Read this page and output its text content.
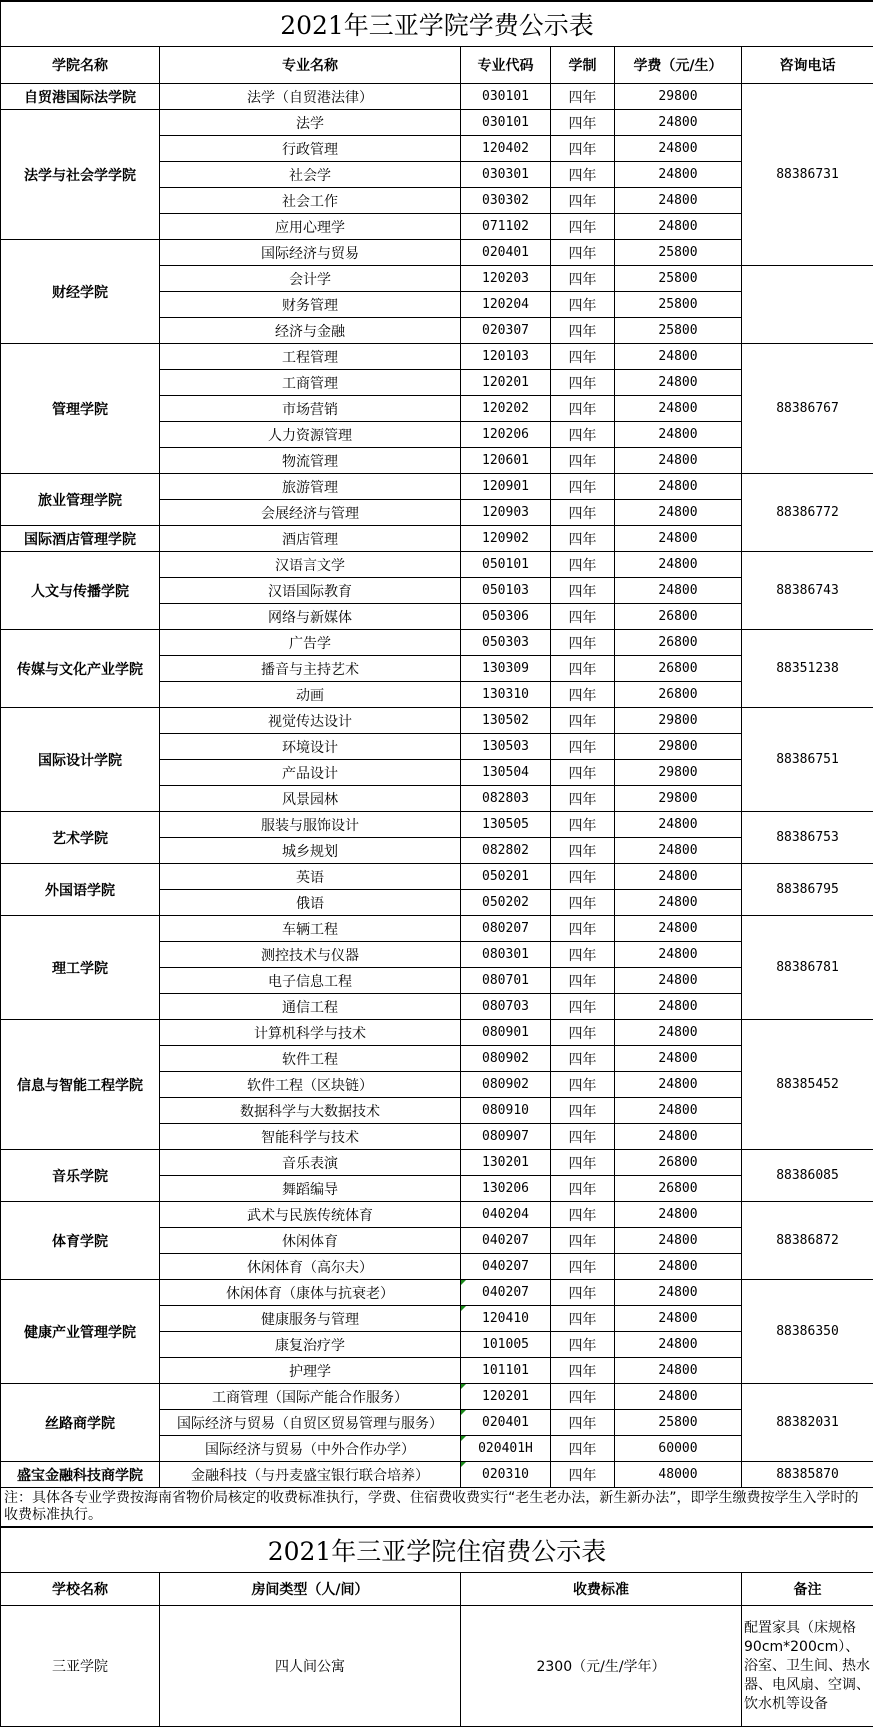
2021年三亚学院学费公示表						
学院名称	专业名称	专业代码	学制	学费（元/生）	咨询电话	
自贸港国际法学院	法学（自贸港法律）	030101	四年	29800	88386731	
法学与社会学学院	法学	030101	四年	24800		
	行政管理	120402	四年	24800		
	社会学	030301	四年	24800		
	社会工作	030302	四年	24800		
	应用心理学	071102	四年	24800		
财经学院	国际经济与贸易	020401	四年	25800	
	会计学	120203	四年	25800		
	财务管理	120204	四年	25800		
	经济与金融	020307	四年	25800		
管理学院	工程管理	120103	四年	24800	88386767	
	工商管理	120201	四年	24800		
	市场营销	120202	四年	24800		
	人力资源管理	120206	四年	24800		
	物流管理	120601	四年	24800		
旅业管理学院	旅游管理	120901	四年	24800	88386772	
	会展经济与管理	120903	四年	24800		
国际酒店管理学院	酒店管理	120902	四年	24800		
人文与传播学院	汉语言文学	050101	四年	24800	88386743	
	汉语国际教育	050103	四年	24800		
	网络与新媒体	050306	四年	26800		
传媒与文化产业学院	广告学	050303	四年	26800	88351238	
	播音与主持艺术	130309	四年	26800		
	动画	130310	四年	26800		
国际设计学院	视觉传达设计	130502	四年	29800	88386751	
	环境设计	130503	四年	29800		
	产品设计	130504	四年	29800		
	风景园林	082803	四年	29800		
艺术学院	服装与服饰设计	130505	四年	24800	88386753	
	城乡规划	082802	四年	24800		
外国语学院	英语	050201	四年	24800	88386795	
	俄语	050202	四年	24800		
理工学院	车辆工程	080207	四年	24800	88386781	
	测控技术与仪器	080301	四年	24800		
	电子信息工程	080701	四年	24800		
	通信工程	080703	四年	24800		
信息与智能工程学院	计算机科学与技术	080901	四年	24800	88385452	
	软件工程	080902	四年	24800		
	软件工程（区块链）	080902	四年	24800		
	数据科学与大数据技术	080910	四年	24800		
	智能科学与技术	080907	四年	24800		
音乐学院	音乐表演	130201	四年	26800	88386085	
	舞蹈编导	130206	四年	26800		
体育学院	武术与民族传统体育	040204	四年	24800	88386872	
	休闲体育	040207	四年	24800		
	休闲体育（高尔夫）	040207	四年	24800		
健康产业管理学院	休闲体育（康体与抗衰老）	040207	四年	24800	88386350	
	健康服务与管理	120410	四年	24800		
	康复治疗学	101005	四年	24800		
	护理学	101101	四年	24800		
丝路商学院	工商管理（国际产能合作服务）	120201	四年	24800	88382031	
	国际经济与贸易（自贸区贸易管理与服务）	020401	四年	25800		
	国际经济与贸易（中外合作办学）	020401H	四年	60000		
盛宝金融科技商学院	金融科技（与丹麦盛宝银行联合培养）	020310	四年	48000	88385870	
注：具体各专业学费按海南省物价局核定的收费标准执行，学费、住宿费收费实行“老生老办法，新生新办法”，即学生缴费按学生入学时的收费标准执行。						
2021年三亚学院住宿费公示表			
学校名称	房间类型（人/间）	收费标准	备注
三亚学院	四人间公寓	2300（元/生/学年）	配置家具（床规格90cm*200cm）、浴室、卫生间、热水器、电风扇、空调、饮水机等设备
